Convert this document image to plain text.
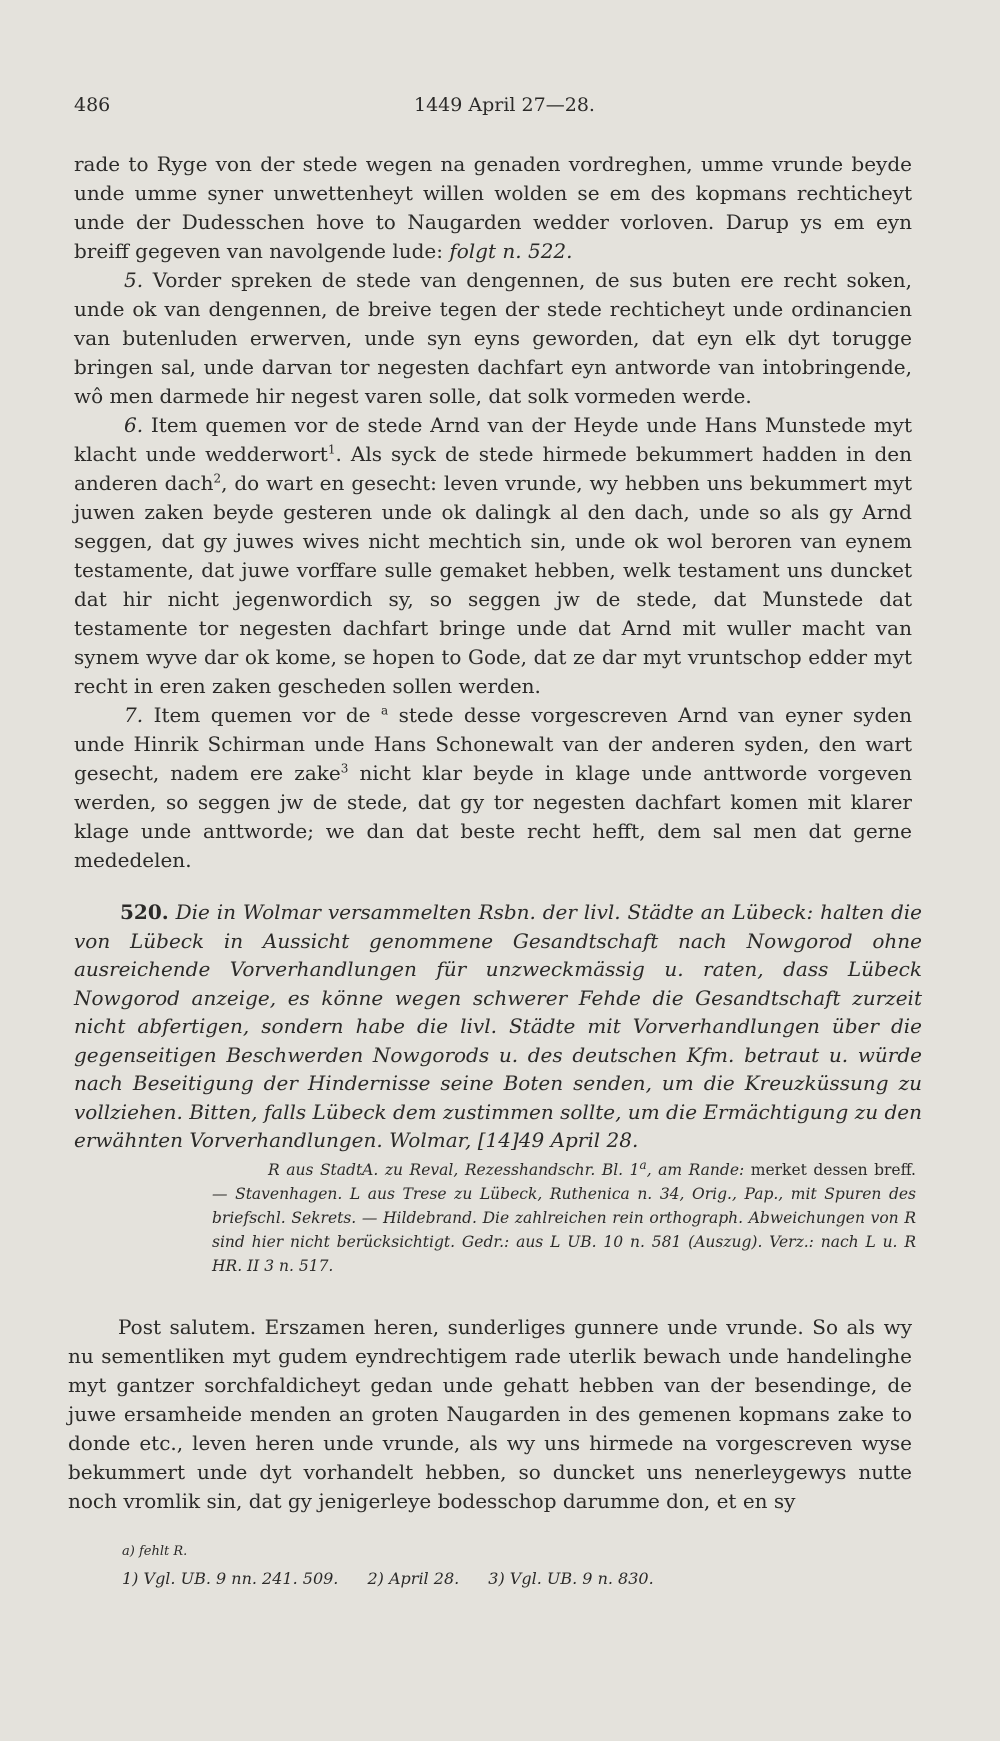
486	1449 April 27—28.

rade to Ryge von der stede wegen na genaden vordreghen, umme vrunde beyde unde umme syner unwettenheyt willen wolden se em des kopmans rechticheyt unde der Dudesschen hove to Naugarden wedder vorloven. Darup ys em eyn breiff gegeven van navolgende lude: folgt n. 522.

5. Vorder spreken de stede van dengennen, de sus buten ere recht soken, unde ok van dengennen, de breive tegen der stede rechticheyt unde ordinancien van butenluden erwerven, unde syn eyns geworden, dat eyn elk dyt torugge bringen sal, unde darvan tor negesten dachfart eyn antworde van intobringende, wô men darmede hir negest varen solle, dat solk vormeden werde.

6. Item quemen vor de stede Arnd van der Heyde unde Hans Munstede myt klacht unde wedderwort$^1$. Als syck de stede hirmede bekummert hadden in den anderen dach$^2$, do wart en gesecht: leven vrunde, wy hebben uns bekummert myt juwen zaken beyde gesteren unde ok dalingk al den dach, unde so als gy Arnd seggen, dat gy juwes wives nicht mechtich sin, unde ok wol beroren van eynem testamente, dat juwe vorffare sulle gemaket hebben, welk testament uns duncket dat hir nicht jegenwordich sy, so seggen jw de stede, dat Munstede dat testamente tor negesten dachfart bringe unde dat Arnd mit wuller macht van synem wyve dar ok kome, se hopen to Gode, dat ze dar myt vruntschop edder myt recht in eren zaken gescheden sollen werden.

7. Item quemen vor de $^a$ stede desse vorgescreven Arnd van eyner syden unde Hinrik Schirman unde Hans Schonewalt van der anderen syden, den wart gesecht, nadem ere zake$^3$ nicht klar beyde in klage unde anttworde vorgeven werden, so seggen jw de stede, dat gy tor negesten dachfart komen mit klarer klage unde anttworde; we dan dat beste recht hefft, dem sal men dat gerne mededelen.

520. Die in Wolmar versammelten Rsbn. der livl. Städte an Lübeck: halten die von Lübeck in Aussicht genommene Gesandtschaft nach Nowgorod ohne ausreichende Vorverhandlungen für unzweckmässig u. raten, dass Lübeck Nowgorod anzeige, es könne wegen schwerer Fehde die Gesandtschaft zurzeit nicht abfertigen, sondern habe die livl. Städte mit Vorverhandlungen über die gegenseitigen Beschwerden Nowgorods u. des deutschen Kfm. betraut u. würde nach Beseitigung der Hindernisse seine Boten senden, um die Kreuzküssung zu vollziehen. Bitten, falls Lübeck dem zustimmen sollte, um die Ermächtigung zu den erwähnten Vorverhandlungen. Wolmar, [14]49 April 28.
R aus StadtA. zu Reval, Rezesshandschr. Bl. 1$^a$, am Rande: merket dessen breff. — Stavenhagen. L aus Trese zu Lübeck, Ruthenica n. 34, Orig., Pap., mit Spuren des briefschl. Sekrets. — Hildebrand. Die zahlreichen rein orthograph. Abweichungen von R sind hier nicht berücksichtigt. Gedr.: aus L UB. 10 n. 581 (Auszug). Verz.: nach L u. R HR. II 3 n. 517.
Post salutem. Erszamen heren, sunderliges gunnere unde vrunde. So als wy nu sementliken myt gudem eyndrechtigem rade uterlik bewach unde handelinghe myt gantzer sorchfaldicheyt gedan unde gehatt hebben van der besendinge, de juwe ersamheide menden an groten Naugarden in des gemenen kopmans zake to donde etc., leven heren unde vrunde, als wy uns hirmede na vorgescreven wyse bekummert unde dyt vorhandelt hebben, so duncket uns nenerleygewys nutte noch vromlik sin, dat gy jenigerleye bodesschop darumme don, et en sy
a) fehlt R.
1) Vgl. UB. 9 nn. 241. 509. 2) April 28. 3) Vgl. UB. 9 n. 830.
